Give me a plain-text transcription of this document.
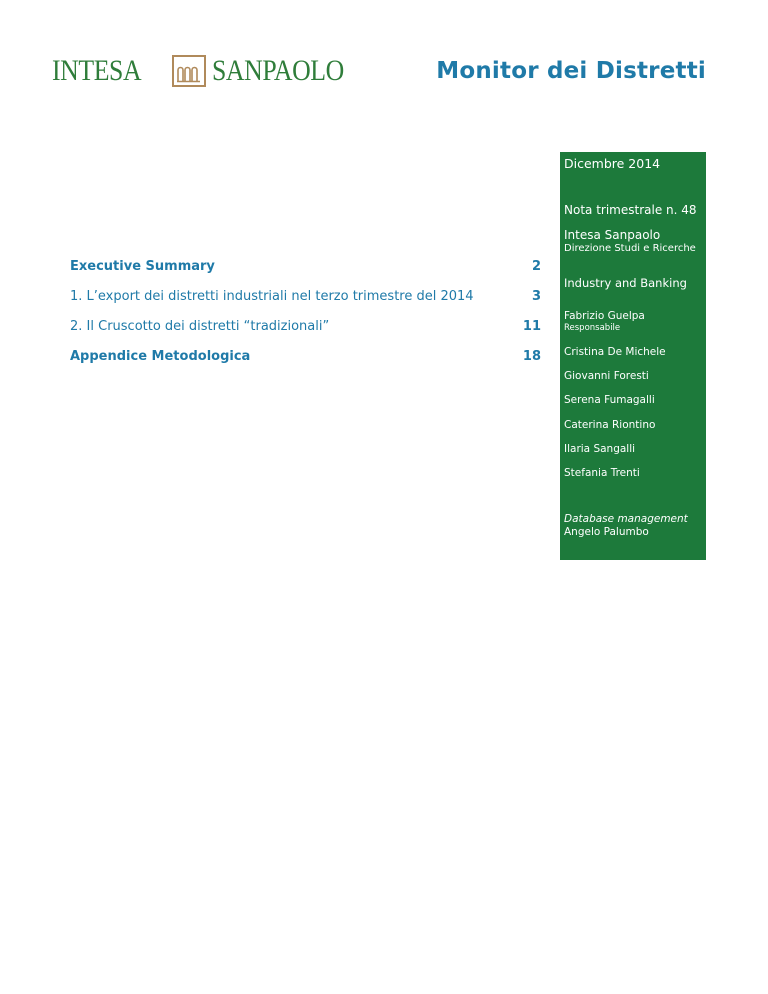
INTESA	SANPAOLO	Monitor dei Distretti
Executive Summary	2
1. L’export dei distretti industriali nel terzo trimestre del 2014	3
2. Il Cruscotto dei distretti “tradizionali”	11
Appendice Metodologica	18
Dicembre 2014
Nota trimestrale n. 48
Intesa Sanpaolo
Direzione Studi e Ricerche
Industry and Banking
Fabrizio Guelpa
Responsabile
Cristina De Michele
Giovanni Foresti
Serena Fumagalli
Caterina Riontino
Ilaria Sangalli
Stefania Trenti
Database management
Angelo Palumbo
